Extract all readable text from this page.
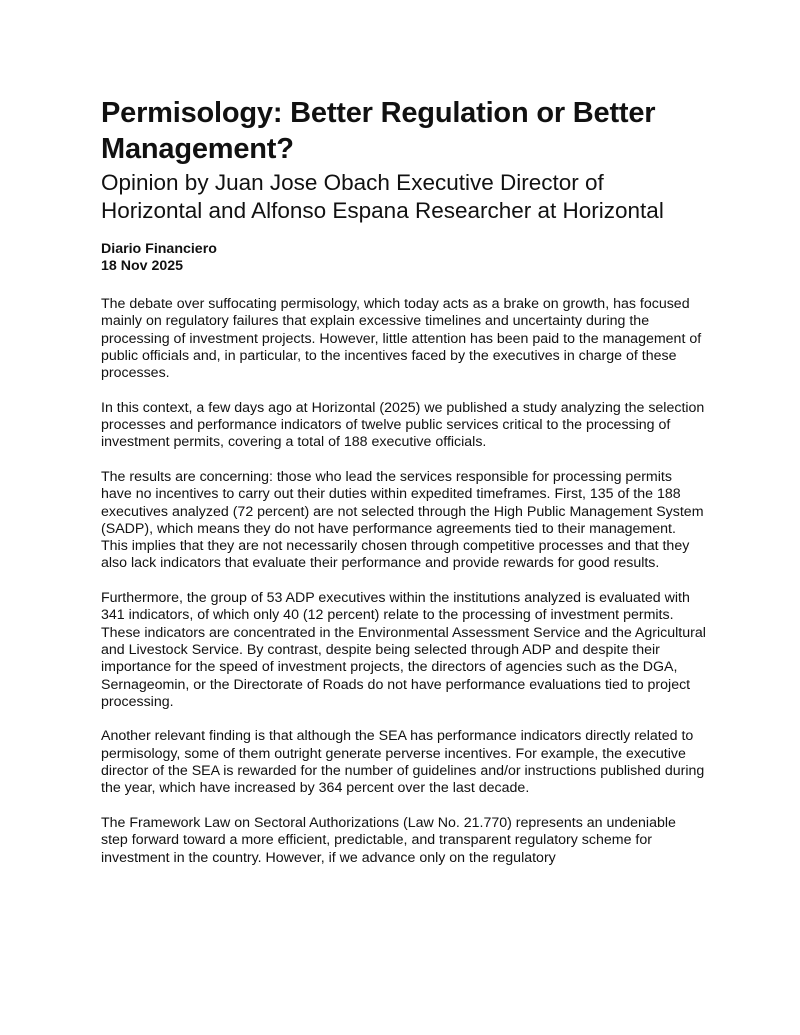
Permisology: Better Regulation or Better Management?
Opinion by Juan Jose Obach Executive Director of Horizontal and Alfonso Espana Researcher at Horizontal
Diario Financiero
18 Nov 2025

The debate over suffocating permisology, which today acts as a brake on growth, has focused mainly on regulatory failures that explain excessive timelines and uncertainty during the processing of investment projects. However, little attention has been paid to the management of public officials and, in particular, to the incentives faced by the executives in charge of these processes.

In this context, a few days ago at Horizontal (2025) we published a study analyzing the selection processes and performance indicators of twelve public services critical to the processing of investment permits, covering a total of 188 executive officials.

The results are concerning: those who lead the services responsible for processing permits have no incentives to carry out their duties within expedited timeframes. First, 135 of the 188 executives analyzed (72 percent) are not selected through the High Public Management System (SADP), which means they do not have performance agreements tied to their management. This implies that they are not necessarily chosen through competitive processes and that they also lack indicators that evaluate their performance and provide rewards for good results.

Furthermore, the group of 53 ADP executives within the institutions analyzed is evaluated with 341 indicators, of which only 40 (12 percent) relate to the processing of investment permits. These indicators are concentrated in the Environmental Assessment Service and the Agricultural and Livestock Service. By contrast, despite being selected through ADP and despite their importance for the speed of investment projects, the directors of agencies such as the DGA, Sernageomin, or the Directorate of Roads do not have performance evaluations tied to project processing.

Another relevant finding is that although the SEA has performance indicators directly related to permisology, some of them outright generate perverse incentives. For example, the executive director of the SEA is rewarded for the number of guidelines and/or instructions published during the year, which have increased by 364 percent over the last decade.

The Framework Law on Sectoral Authorizations (Law No. 21.770) represents an undeniable step forward toward a more efficient, predictable, and transparent regulatory scheme for investment in the country. However, if we advance only on the regulatory
